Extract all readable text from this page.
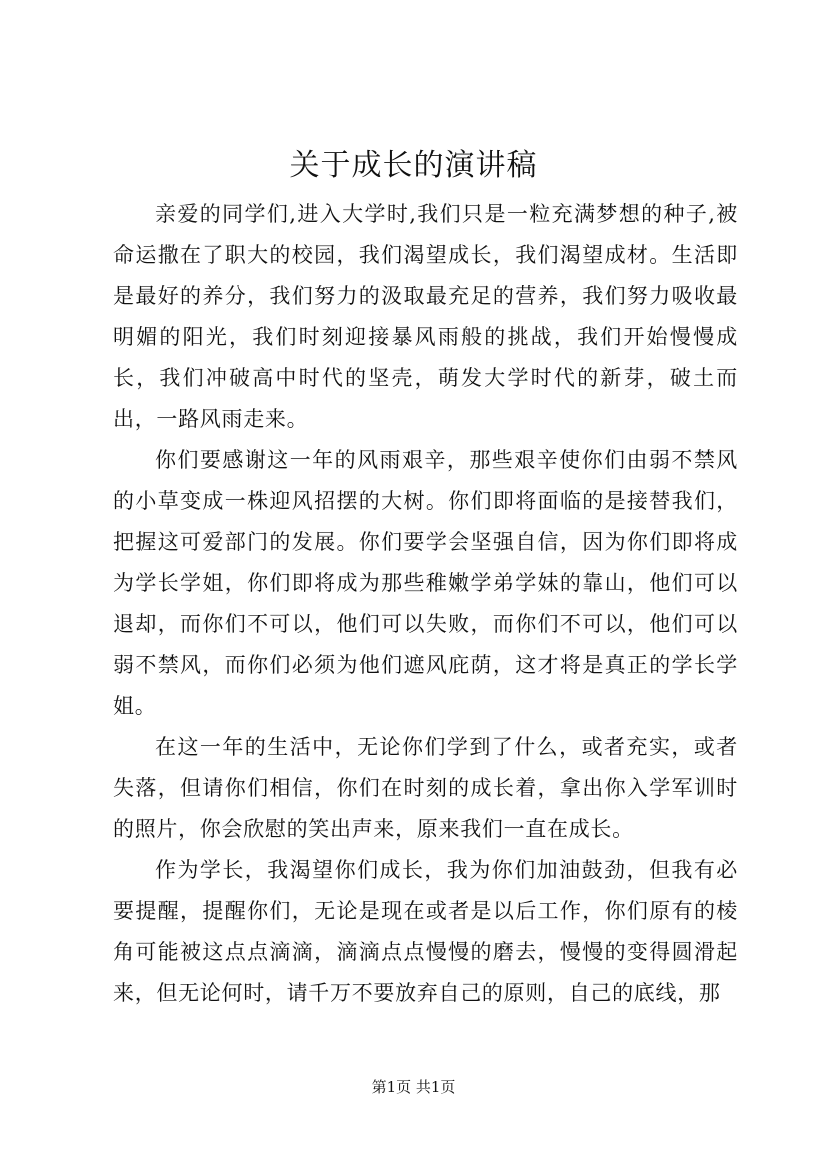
关于成长的演讲稿

亲爱的同学们,进入大学时,我们只是一粒充满梦想的种子,被命运撒在了职大的校园，我们渴望成长，我们渴望成材。生活即是最好的养分，我们努力的汲取最充足的营养，我们努力吸收最明媚的阳光，我们时刻迎接暴风雨般的挑战，我们开始慢慢成长，我们冲破高中时代的坚壳，萌发大学时代的新芽，破土而出，一路风雨走来。

你们要感谢这一年的风雨艰辛，那些艰辛使你们由弱不禁风的小草变成一株迎风招摆的大树。你们即将面临的是接替我们，把握这可爱部门的发展。你们要学会坚强自信，因为你们即将成为学长学姐，你们即将成为那些稚嫩学弟学妹的靠山，他们可以退却，而你们不可以，他们可以失败，而你们不可以，他们可以弱不禁风，而你们必须为他们遮风庇荫，这才将是真正的学长学姐。

在这一年的生活中，无论你们学到了什么，或者充实，或者失落，但请你们相信，你们在时刻的成长着，拿出你入学军训时的照片，你会欣慰的笑出声来，原来我们一直在成长。

作为学长，我渴望你们成长，我为你们加油鼓劲，但我有必要提醒，提醒你们，无论是现在或者是以后工作，你们原有的棱角可能被这点点滴滴，滴滴点点慢慢的磨去，慢慢的变得圆滑起来，但无论何时，请千万不要放弃自己的原则，自己的底线，那

第1页 共1页
